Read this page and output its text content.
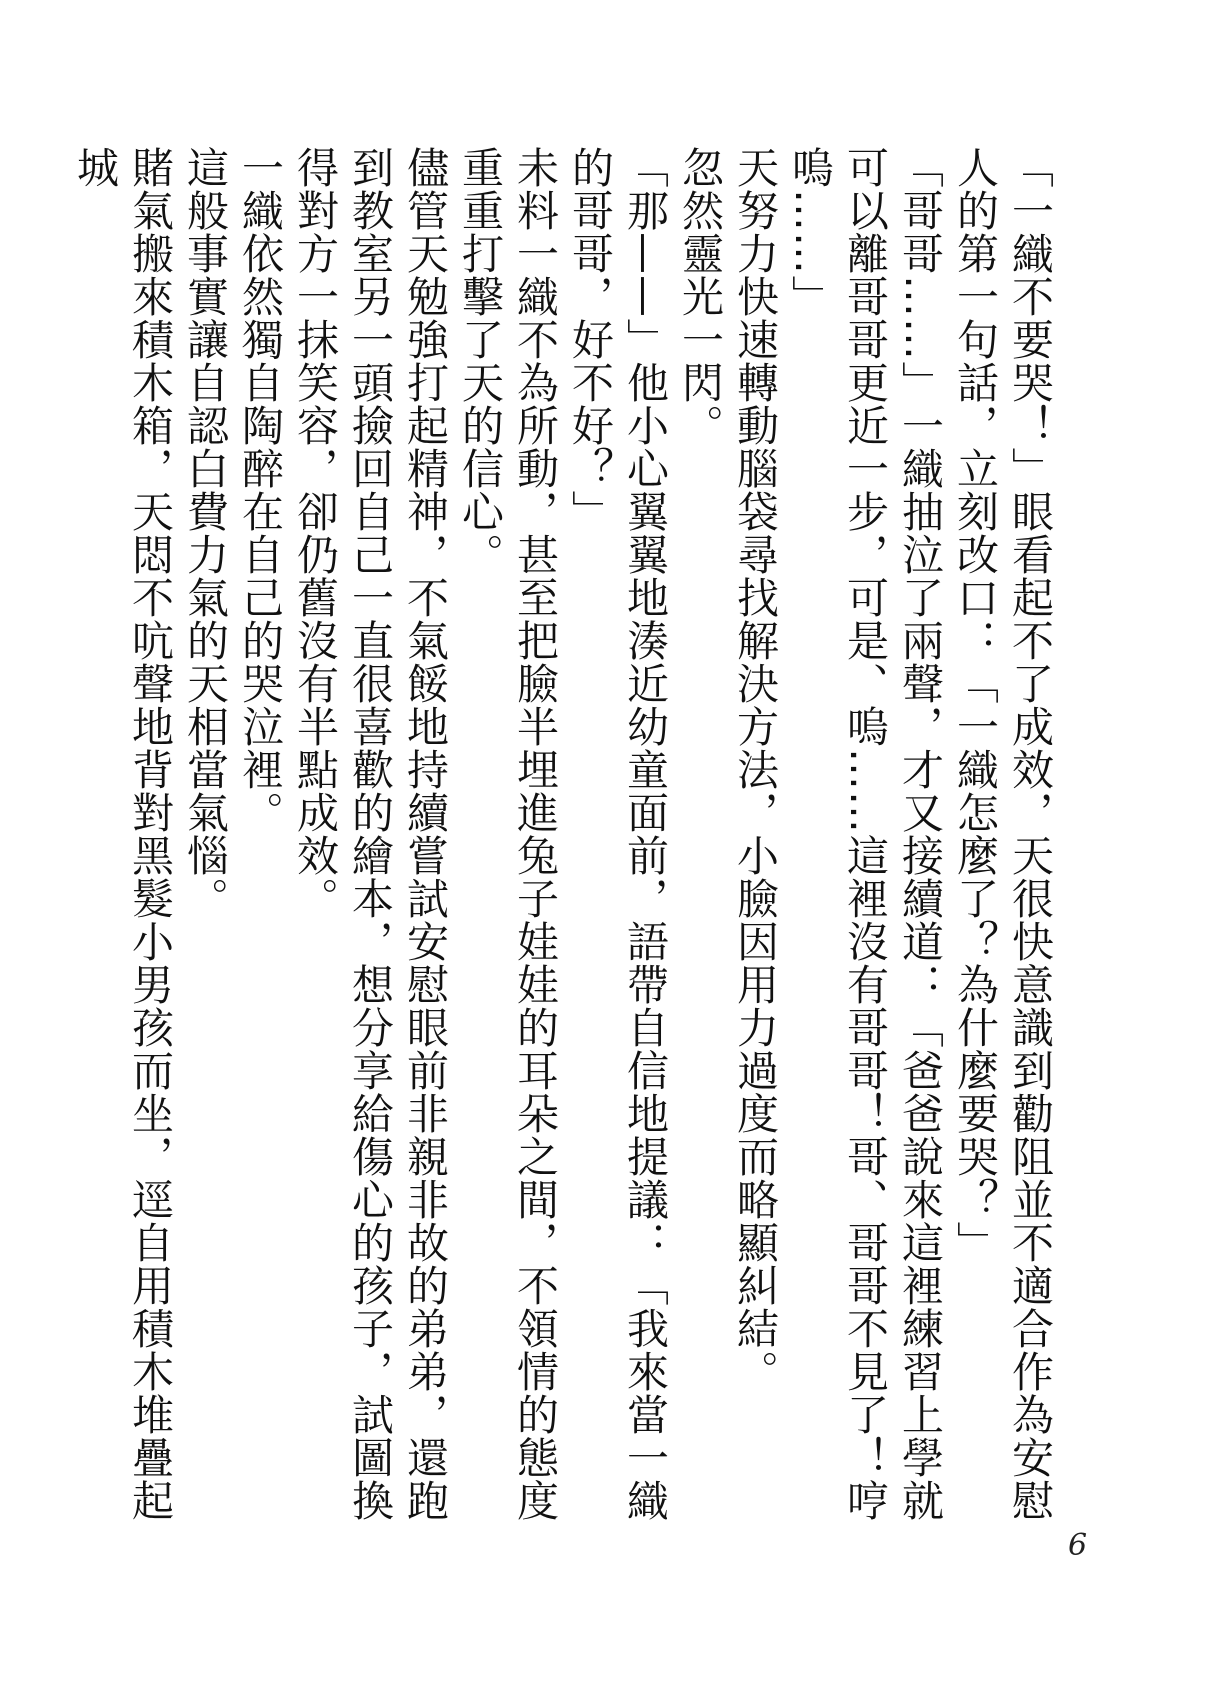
「一織不要哭！」眼看起不了成效，天很快意識到勸阻並不適合作為安慰人的第一句話，立刻改口：「一織怎麼了？為什麼要哭？」

「哥哥……」一織抽泣了兩聲，才又接續道：「爸爸說來這裡練習上學就可以離哥哥更近一步，可是、嗚……這裡沒有哥哥！哥、哥哥不見了！哼嗚……」

天努力快速轉動腦袋尋找解決方法，小臉因用力過度而略顯糾結。

忽然靈光一閃。

「那——」他小心翼翼地湊近幼童面前，語帶自信地提議：「我來當一織的哥哥，好不好？」

未料一織不為所動，甚至把臉半埋進兔子娃娃的耳朵之間，不領情的態度重重打擊了天的信心。

儘管天勉強打起精神，不氣餒地持續嘗試安慰眼前非親非故的弟弟，還跑到教室另一頭撿回自己一直很喜歡的繪本，想分享給傷心的孩子，試圖換得對方一抹笑容，卻仍舊沒有半點成效。

一織依然獨自陶醉在自己的哭泣裡。

這般事實讓自認白費力氣的天相當氣惱。

賭氣搬來積木箱，天悶不吭聲地背對黑髮小男孩而坐，逕自用積木堆疊起城

6
